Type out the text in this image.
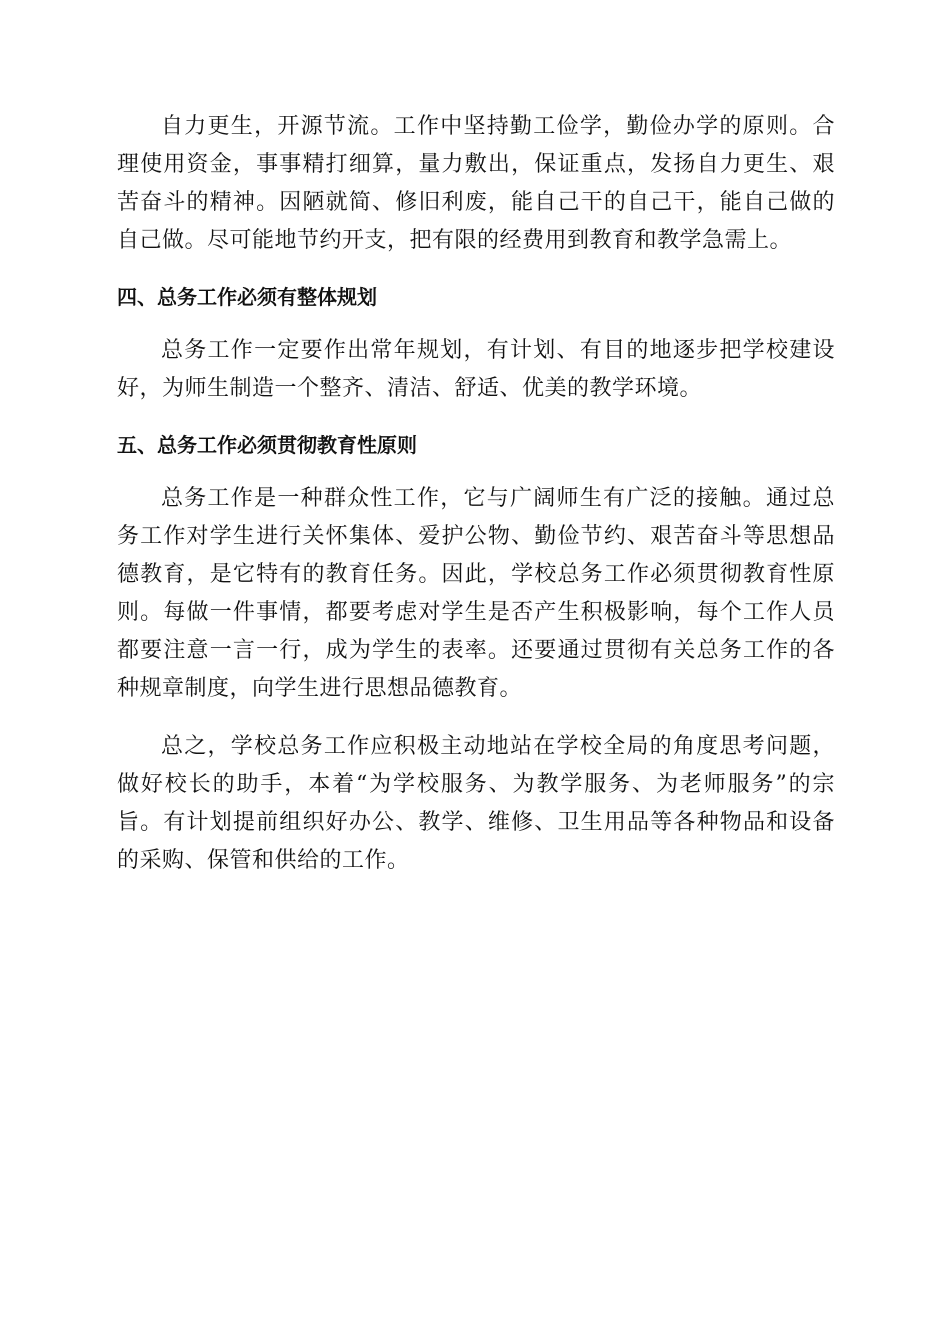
自力更生，开源节流。工作中坚持勤工俭学，勤俭办学的原则。合理使用资金，事事精打细算，量力敷出，保证重点，发扬自力更生、艰苦奋斗的精神。因陋就简、修旧利废，能自己干的自己干，能自己做的自己做。尽可能地节约开支，把有限的经费用到教育和教学急需上。

四、总务工作必须有整体规划

总务工作一定要作出常年规划，有计划、有目的地逐步把学校建设好，为师生制造一个整齐、清洁、舒适、优美的教学环境。

五、总务工作必须贯彻教育性原则

总务工作是一种群众性工作，它与广阔师生有广泛的接触。通过总务工作对学生进行关怀集体、爱护公物、勤俭节约、艰苦奋斗等思想品德教育，是它特有的教育任务。因此，学校总务工作必须贯彻教育性原则。每做一件事情，都要考虑对学生是否产生积极影响，每个工作人员都要注意一言一行，成为学生的表率。还要通过贯彻有关总务工作的各种规章制度，向学生进行思想品德教育。

总之，学校总务工作应积极主动地站在学校全局的角度思考问题，做好校长的助手，本着“为学校服务、为教学服务、为老师服务”的宗旨。有计划提前组织好办公、教学、维修、卫生用品等各种物品和设备的采购、保管和供给的工作。
